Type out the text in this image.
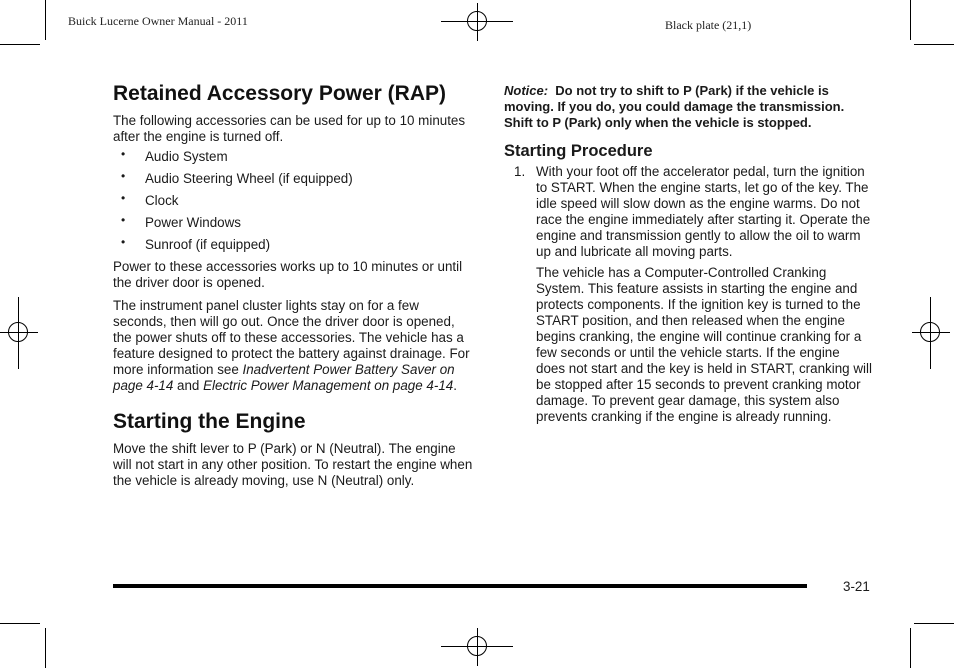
Buick Lucerne Owner Manual - 2011	Black plate (21,1)
Retained Accessory Power (RAP)

The following accessories can be used for up to 10 minutes after the engine is turned off.

• Audio System
• Audio Steering Wheel (if equipped)
• Clock
• Power Windows
• Sunroof (if equipped)

Power to these accessories works up to 10 minutes or until the driver door is opened.

The instrument panel cluster lights stay on for a few seconds, then will go out. Once the driver door is opened, the power shuts off to these accessories. The vehicle has a feature designed to protect the battery against drainage. For more information see Inadvertent Power Battery Saver on page 4-14 and Electric Power Management on page 4-14.

Starting the Engine

Move the shift lever to P (Park) or N (Neutral). The engine will not start in any other position. To restart the engine when the vehicle is already moving, use N (Neutral) only.

Notice: Do not try to shift to P (Park) if the vehicle is moving. If you do, you could damage the transmission. Shift to P (Park) only when the vehicle is stopped.

Starting Procedure
1. With your foot off the accelerator pedal, turn the ignition to START. When the engine starts, let go of the key. The idle speed will slow down as the engine warms. Do not race the engine immediately after starting it. Operate the engine and transmission gently to allow the oil to warm up and lubricate all moving parts.

The vehicle has a Computer-Controlled Cranking System. This feature assists in starting the engine and protects components. If the ignition key is turned to the START position, and then released when the engine begins cranking, the engine will continue cranking for a few seconds or until the vehicle starts. If the engine does not start and the key is held in START, cranking will be stopped after 15 seconds to prevent cranking motor damage. To prevent gear damage, this system also prevents cranking if the engine is already running.

3-21
